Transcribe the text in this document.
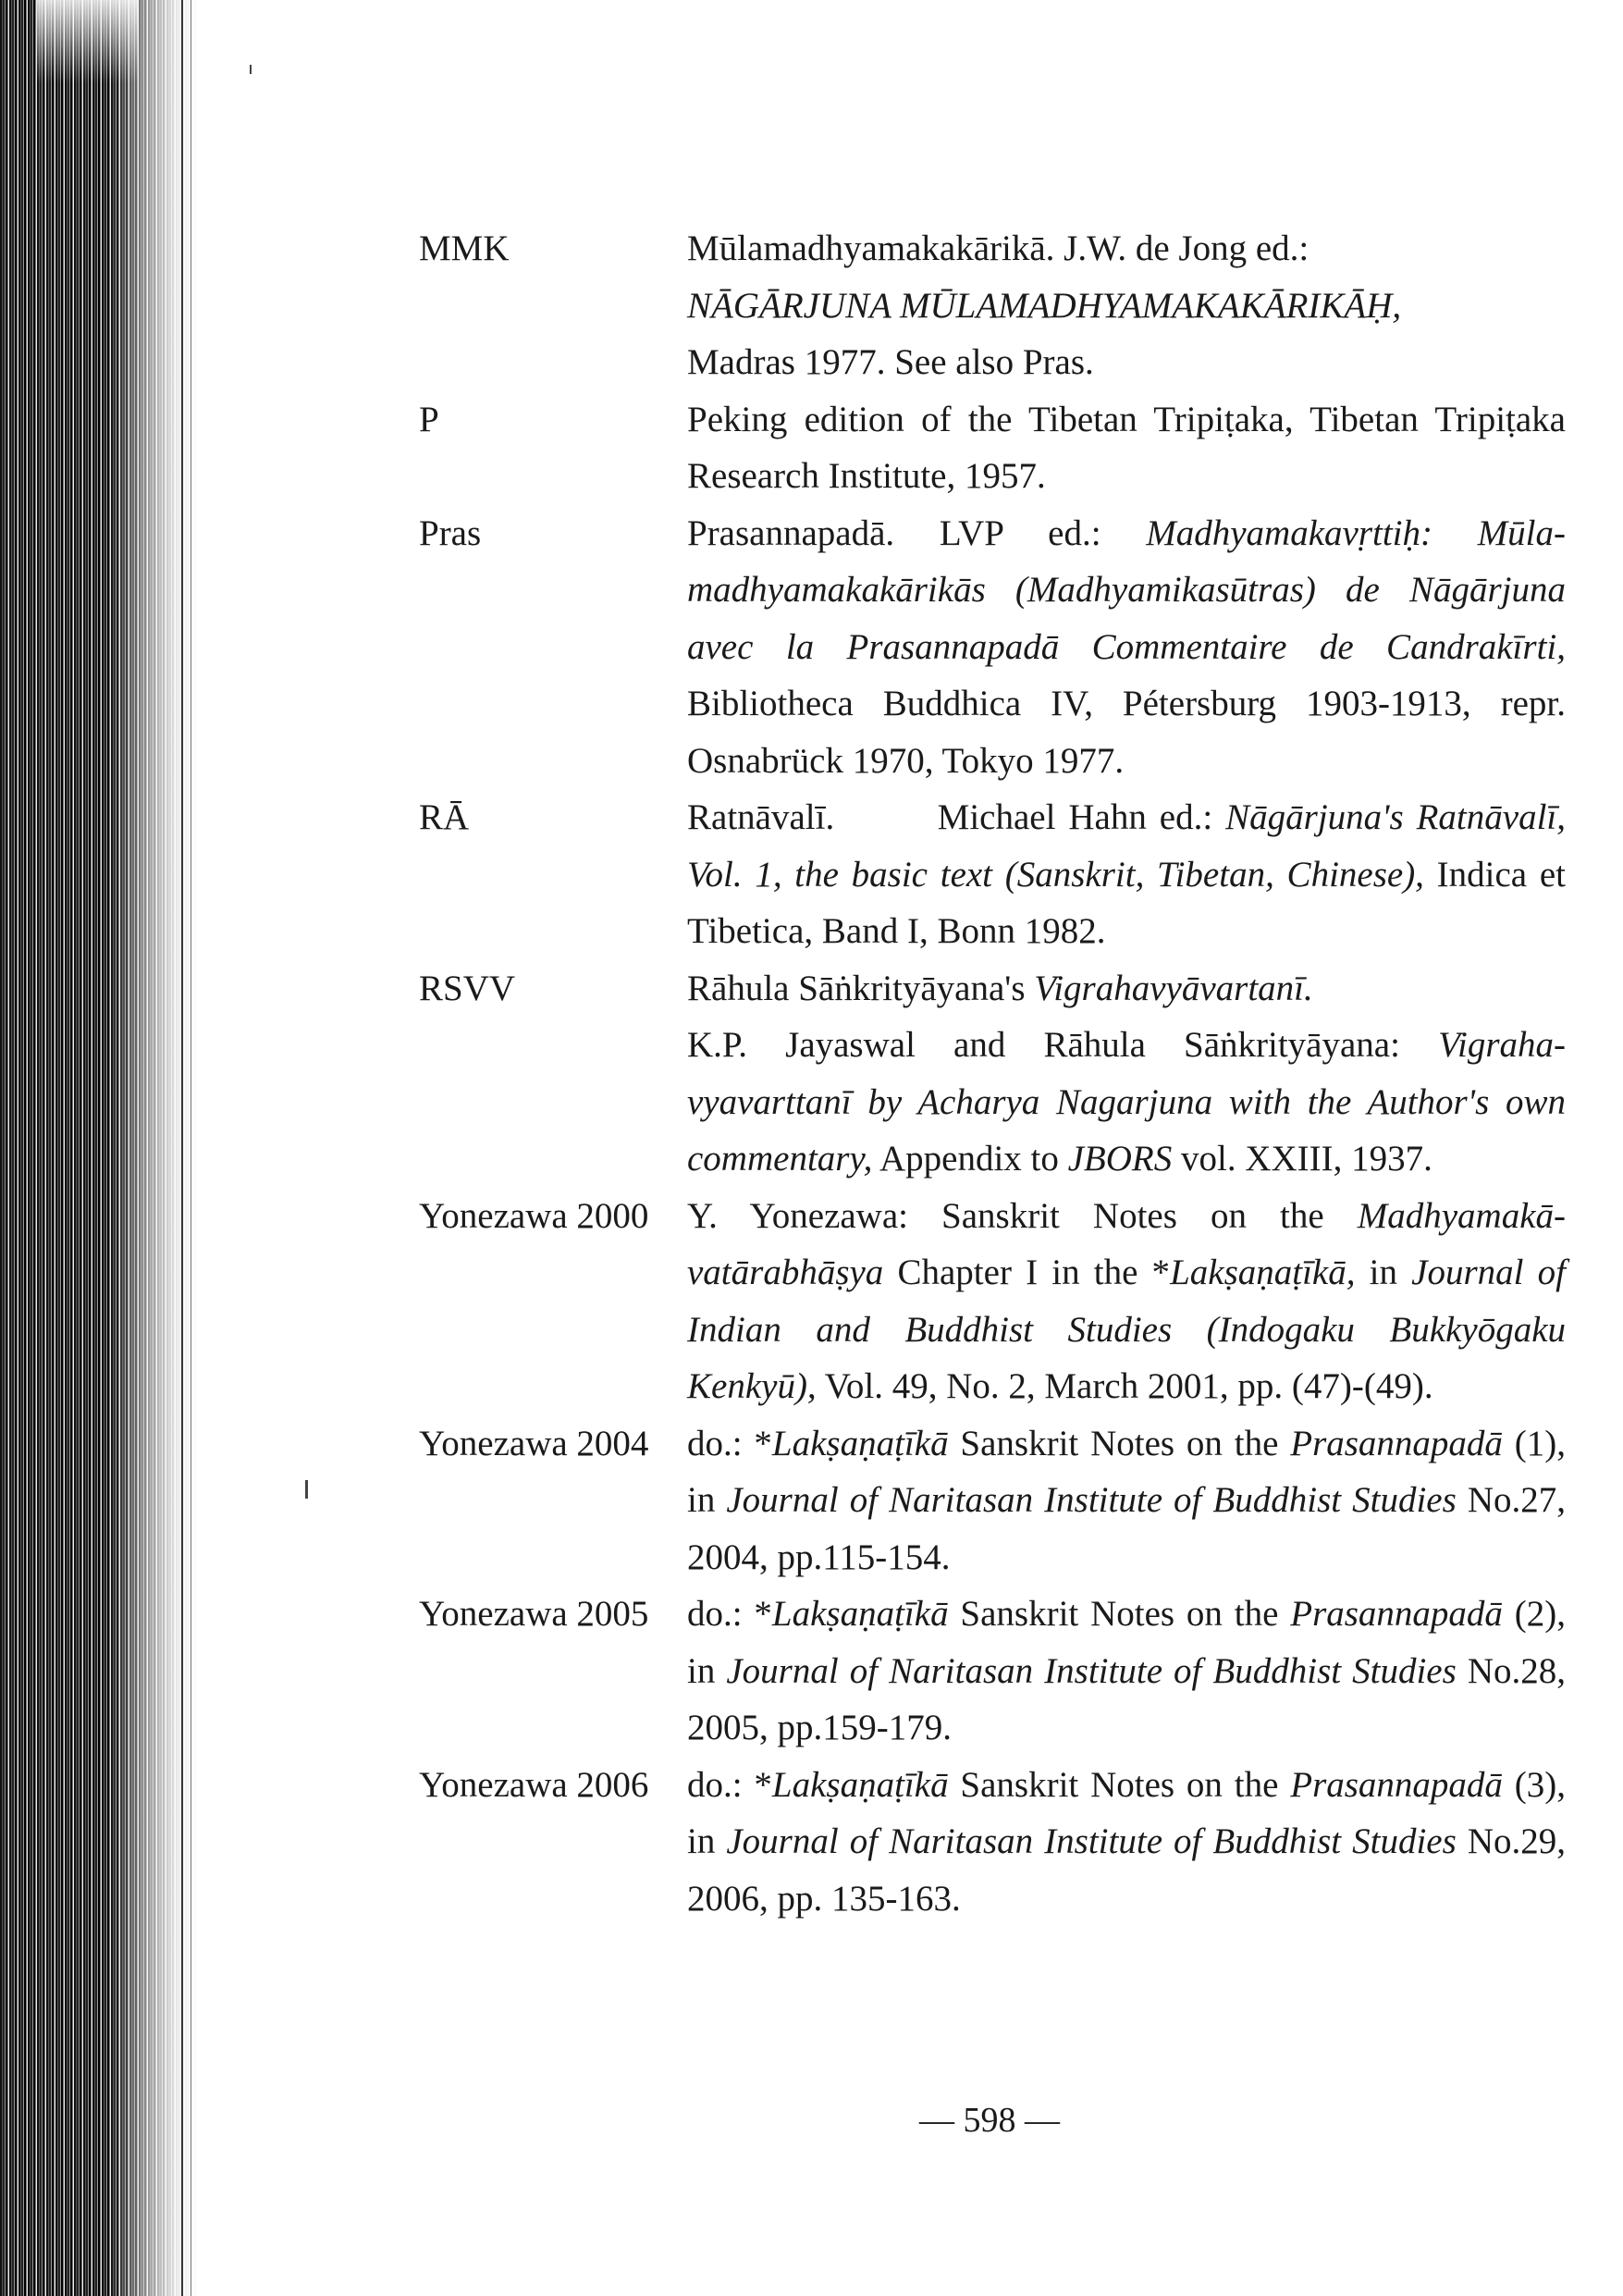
MMK	Mūlamadhyamakakārikā. J.W. de Jong ed.:
NĀGĀRJUNA MŪLAMADHYAMAKAKĀRIKĀḤ,
Madras 1977. See also Pras.
P	Peking edition of the Tibetan Tripiṭaka, Tibetan Tripiṭaka
Research Institute, 1957.
Pras	Prasannapadā. LVP ed.: Madhyamakavṛttiḥ: Mūla-
madhyamakakārikās (Madhyamikasūtras) de Nāgārjuna
avec la Prasannapadā Commentaire de Candrakīrti,
Bibliotheca Buddhica IV, Pétersburg 1903-1913, repr.
Osnabrück 1970, Tokyo 1977.
RĀ	Ratnāvalī.        Michael Hahn ed.: Nāgārjuna's Ratnāvalī,
Vol. 1, the basic text (Sanskrit, Tibetan, Chinese), Indica et
Tibetica, Band I, Bonn 1982.
RSVV	Rāhula Sāṅkrityāyana's Vigrahavyāvartanī.
K.P. Jayaswal and Rāhula Sāṅkrityāyana: Vigraha-
vyavarttanī by Acharya Nagarjuna with the Author's own
commentary, Appendix to JBORS vol. XXIII, 1937.
Yonezawa 2000	Y. Yonezawa: Sanskrit Notes on the Madhyamakā-
vatārabhāṣya Chapter I in the *Lakṣaṇaṭīkā, in Journal of
Indian and Buddhist Studies (Indogaku Bukkyōgaku
Kenkyū), Vol. 49, No. 2, March 2001, pp. (47)-(49).
Yonezawa 2004	do.: *Lakṣaṇaṭīkā Sanskrit Notes on the Prasannapadā (1),
in Journal of Naritasan Institute of Buddhist Studies No.27,
2004, pp.115-154.
Yonezawa 2005	do.: *Lakṣaṇaṭīkā Sanskrit Notes on the Prasannapadā (2),
in Journal of Naritasan Institute of Buddhist Studies No.28,
2005, pp.159-179.
Yonezawa 2006	do.: *Lakṣaṇaṭīkā Sanskrit Notes on the Prasannapadā (3),
in Journal of Naritasan Institute of Buddhist Studies No.29,
2006, pp. 135-163.
— 598 —
